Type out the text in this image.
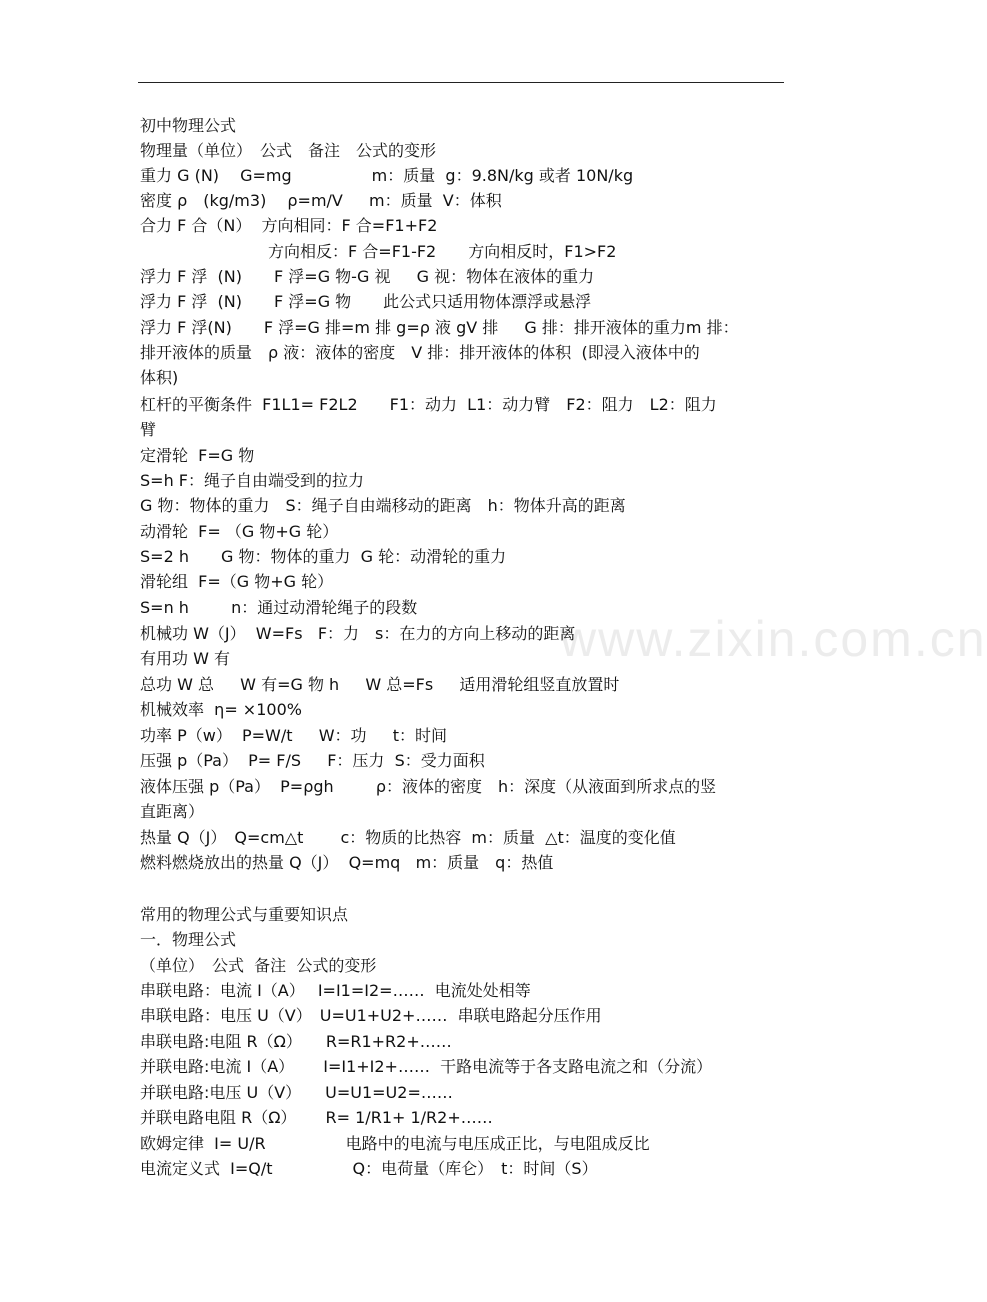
www.zixin.com.cn
初中物理公式
物理量（单位）　公式　备注　公式的变形
重力 G (N)　 G=mg　　　　　m：质量  g：9.8N/kg 或者 10N/kg
密度 ρ　(kg/m3)　 ρ=m/V　  m：质量  V：体积
合力 F 合（N）  方向相同：F 合=F1+F2
　　　　　　　　方向相反：F 合=F1-F2　　方向相反时，F1>F2
浮力 F 浮  (N)　　F 浮=G 物-G 视　  G 视：物体在液体的重力
浮力 F 浮  (N)　　F 浮=G 物　　此公式只适用物体漂浮或悬浮
浮力 F 浮(N)　　F 浮=G 排=m 排 g=ρ 液 gV 排　  G 排：排开液体的重力m 排：
排开液体的质量　ρ 液：液体的密度　V 排：排开液体的体积  (即浸入液体中的
体积)
杠杆的平衡条件  F1L1= F2L2　　F1：动力  L1：动力臂　F2：阻力　L2：阻力
臂
定滑轮  F=G 物
S=h F：绳子自由端受到的拉力
G 物：物体的重力　S：绳子自由端移动的距离　h：物体升高的距离
动滑轮  F= （G 物+G 轮）
S=2 h　　G 物：物体的重力  G 轮：动滑轮的重力
滑轮组  F=（G 物+G 轮）
S=n h　　  n：通过动滑轮绳子的段数
机械功 W（J）  W=Fs   F：力　s：在力的方向上移动的距离
有用功 W 有
总功 W 总　  W 有=G 物 h　  W 总=Fs　  适用滑轮组竖直放置时
机械效率  η= ×100%
功率 P（w）  P=W/t　  W：功　  t：时间
压强 p（Pa）  P= F/S　  F：压力  S：受力面积
液体压强 p（Pa）  P=ρgh　　  ρ：液体的密度　h：深度（从液面到所求点的竖
直距离）
热量 Q（J）　Q=cm△t　　 c：物质的比热容  m：质量  △t：温度的变化值
燃料燃烧放出的热量 Q（J）  Q=mq   m：质量　q：热值
常用的物理公式与重要知识点
一．物理公式
（单位）　公式  备注  公式的变形
串联电路：电流 I（A）　 I=I1=I2=……  电流处处相等
串联电路：电压 U（V）　U=U1+U2+……  串联电路起分压作用
串联电路:电阻 R（Ω）　　R=R1+R2+……
并联电路:电流 I（A）　　 I=I1+I2+……  干路电流等于各支路电流之和（分流）
并联电路:电压 U（V）　　U=U1=U2=……
并联电路电阻 R（Ω）　　 R= 1/R1+ 1/R2+……
欧姆定律  I= U/R　　　　　电路中的电流与电压成正比，与电阻成反比
电流定义式  I=Q/t　　　　　Q：电荷量（库仑）　t：时间（S）
